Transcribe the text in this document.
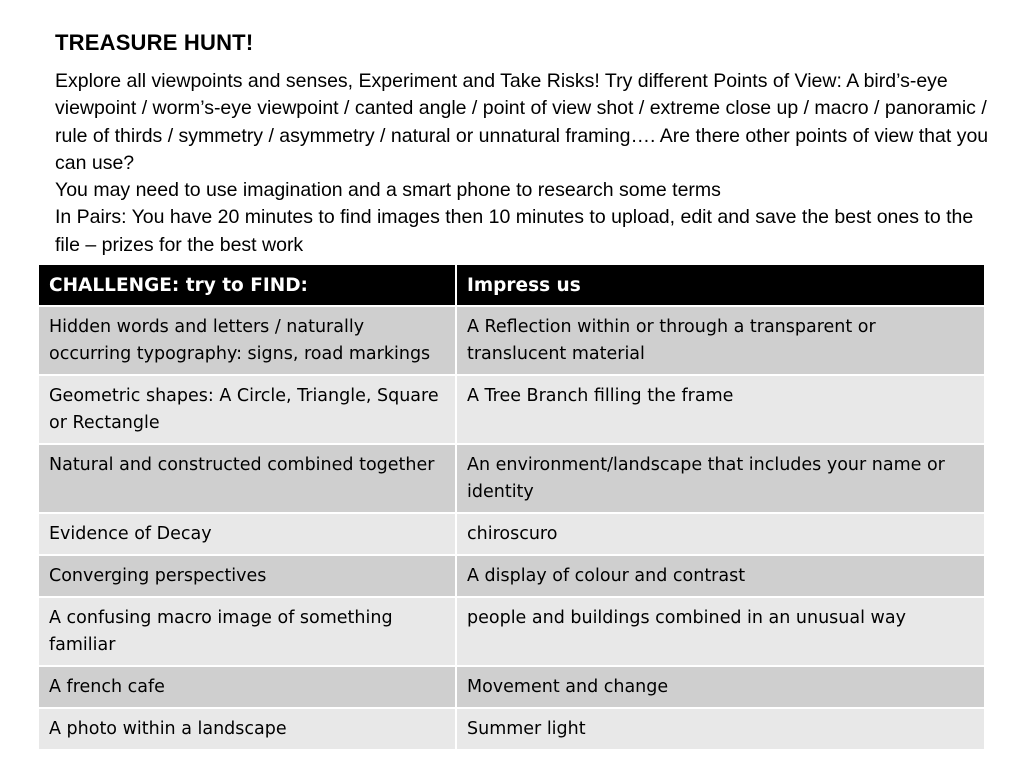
TREASURE HUNT!

Explore all viewpoints and senses, Experiment and Take Risks! Try different Points of View: A bird’s-eye viewpoint / worm’s-eye viewpoint / canted angle / point of view shot / extreme close up / macro / panoramic / rule of thirds / symmetry / asymmetry / natural or unnatural framing…. Are there other points of view that you can use?

You may need to use imagination and a smart phone to research some terms

In Pairs: You have 20 minutes to find images then 10 minutes to upload, edit and save the best ones to the file – prizes for the best work

CHALLENGE: try to FIND:	Impress us
Hidden words and letters / naturally occurring typography: signs, road markings	A Reflection within or through a transparent or translucent material
Geometric shapes: A Circle, Triangle, Square or Rectangle	A Tree Branch filling the frame
Natural and constructed combined together	An environment/landscape that includes your name or identity
Evidence of Decay	chiroscuro
Converging perspectives	A display of colour and contrast
A confusing macro image of something familiar	people and buildings combined in an unusual way
A french cafe	Movement and change
A photo within a landscape	Summer light
